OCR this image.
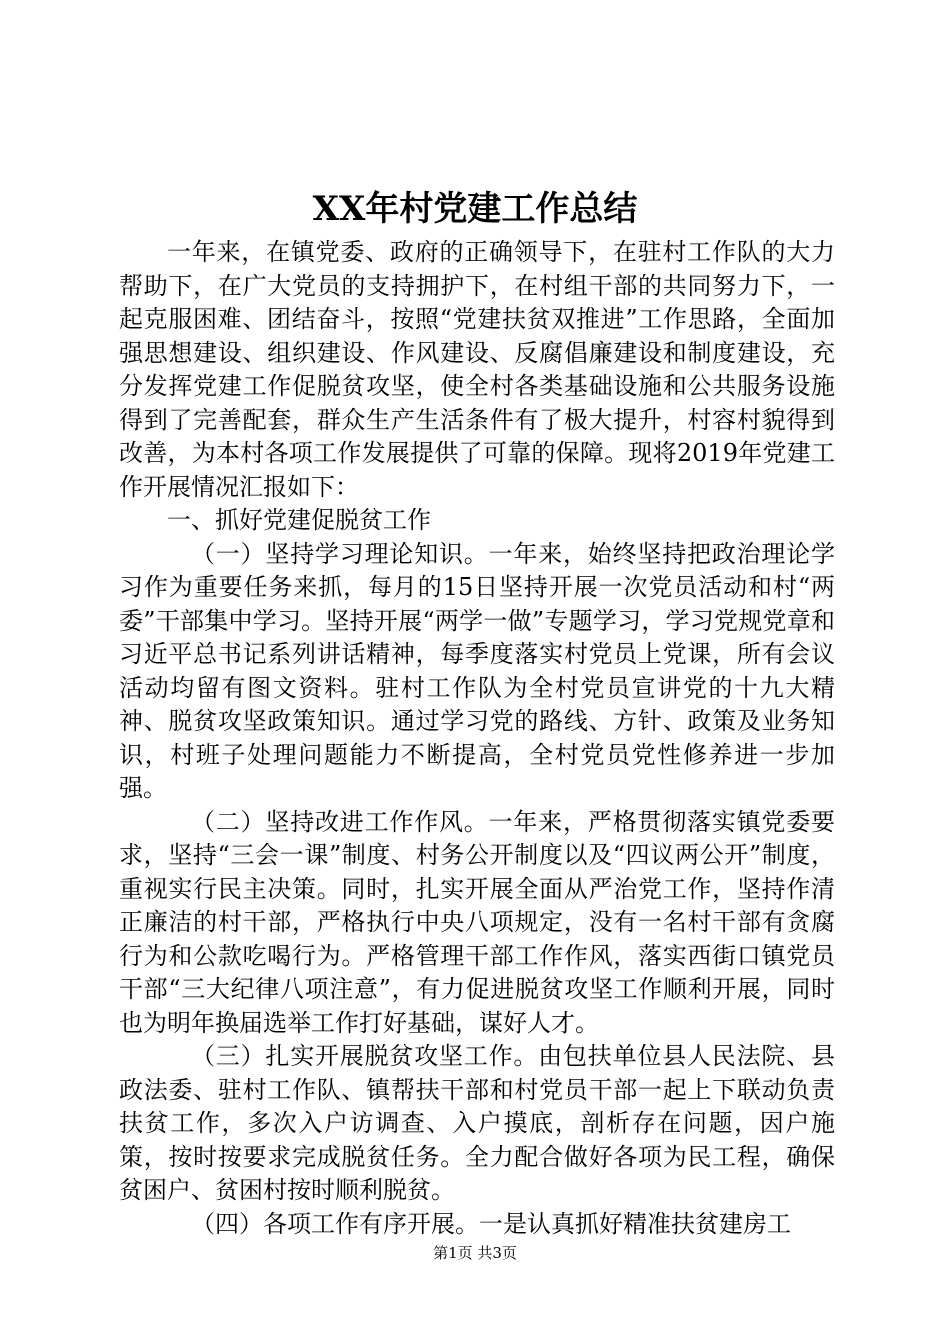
XX年村党建工作总结

一年来，在镇党委、政府的正确领导下，在驻村工作队的大力帮助下，在广大党员的支持拥护下，在村组干部的共同努力下，一起克服困难、团结奋斗，按照“党建扶贫双推进”工作思路，全面加强思想建设、组织建设、作风建设、反腐倡廉建设和制度建设，充分发挥党建工作促脱贫攻坚，使全村各类基础设施和公共服务设施得到了完善配套，群众生产生活条件有了极大提升，村容村貌得到改善，为本村各项工作发展提供了可靠的保障。现将2019年党建工作开展情况汇报如下：

一、抓好党建促脱贫工作

（一）坚持学习理论知识。一年来，始终坚持把政治理论学习作为重要任务来抓，每月的15日坚持开展一次党员活动和村“两委”干部集中学习。坚持开展“两学一做”专题学习，学习党规党章和习近平总书记系列讲话精神，每季度落实村党员上党课，所有会议活动均留有图文资料。驻村工作队为全村党员宣讲党的十九大精神、脱贫攻坚政策知识。通过学习党的路线、方针、政策及业务知识，村班子处理问题能力不断提高，全村党员党性修养进一步加强。

（二）坚持改进工作作风。一年来，严格贯彻落实镇党委要求，坚持“三会一课”制度、村务公开制度以及“四议两公开”制度，重视实行民主决策。同时，扎实开展全面从严治党工作，坚持作清正廉洁的村干部，严格执行中央八项规定，没有一名村干部有贪腐行为和公款吃喝行为。严格管理干部工作作风，落实西街口镇党员干部“三大纪律八项注意”，有力促进脱贫攻坚工作顺利开展，同时也为明年换届选举工作打好基础，谋好人才。

（三）扎实开展脱贫攻坚工作。由包扶单位县人民法院、县政法委、驻村工作队、镇帮扶干部和村党员干部一起上下联动负责扶贫工作，多次入户访调查、入户摸底，剖析存在问题，因户施策，按时按要求完成脱贫任务。全力配合做好各项为民工程，确保贫困户、贫困村按时顺利脱贫。

（四）各项工作有序开展。一是认真抓好精准扶贫建房工

第1页 共3页
